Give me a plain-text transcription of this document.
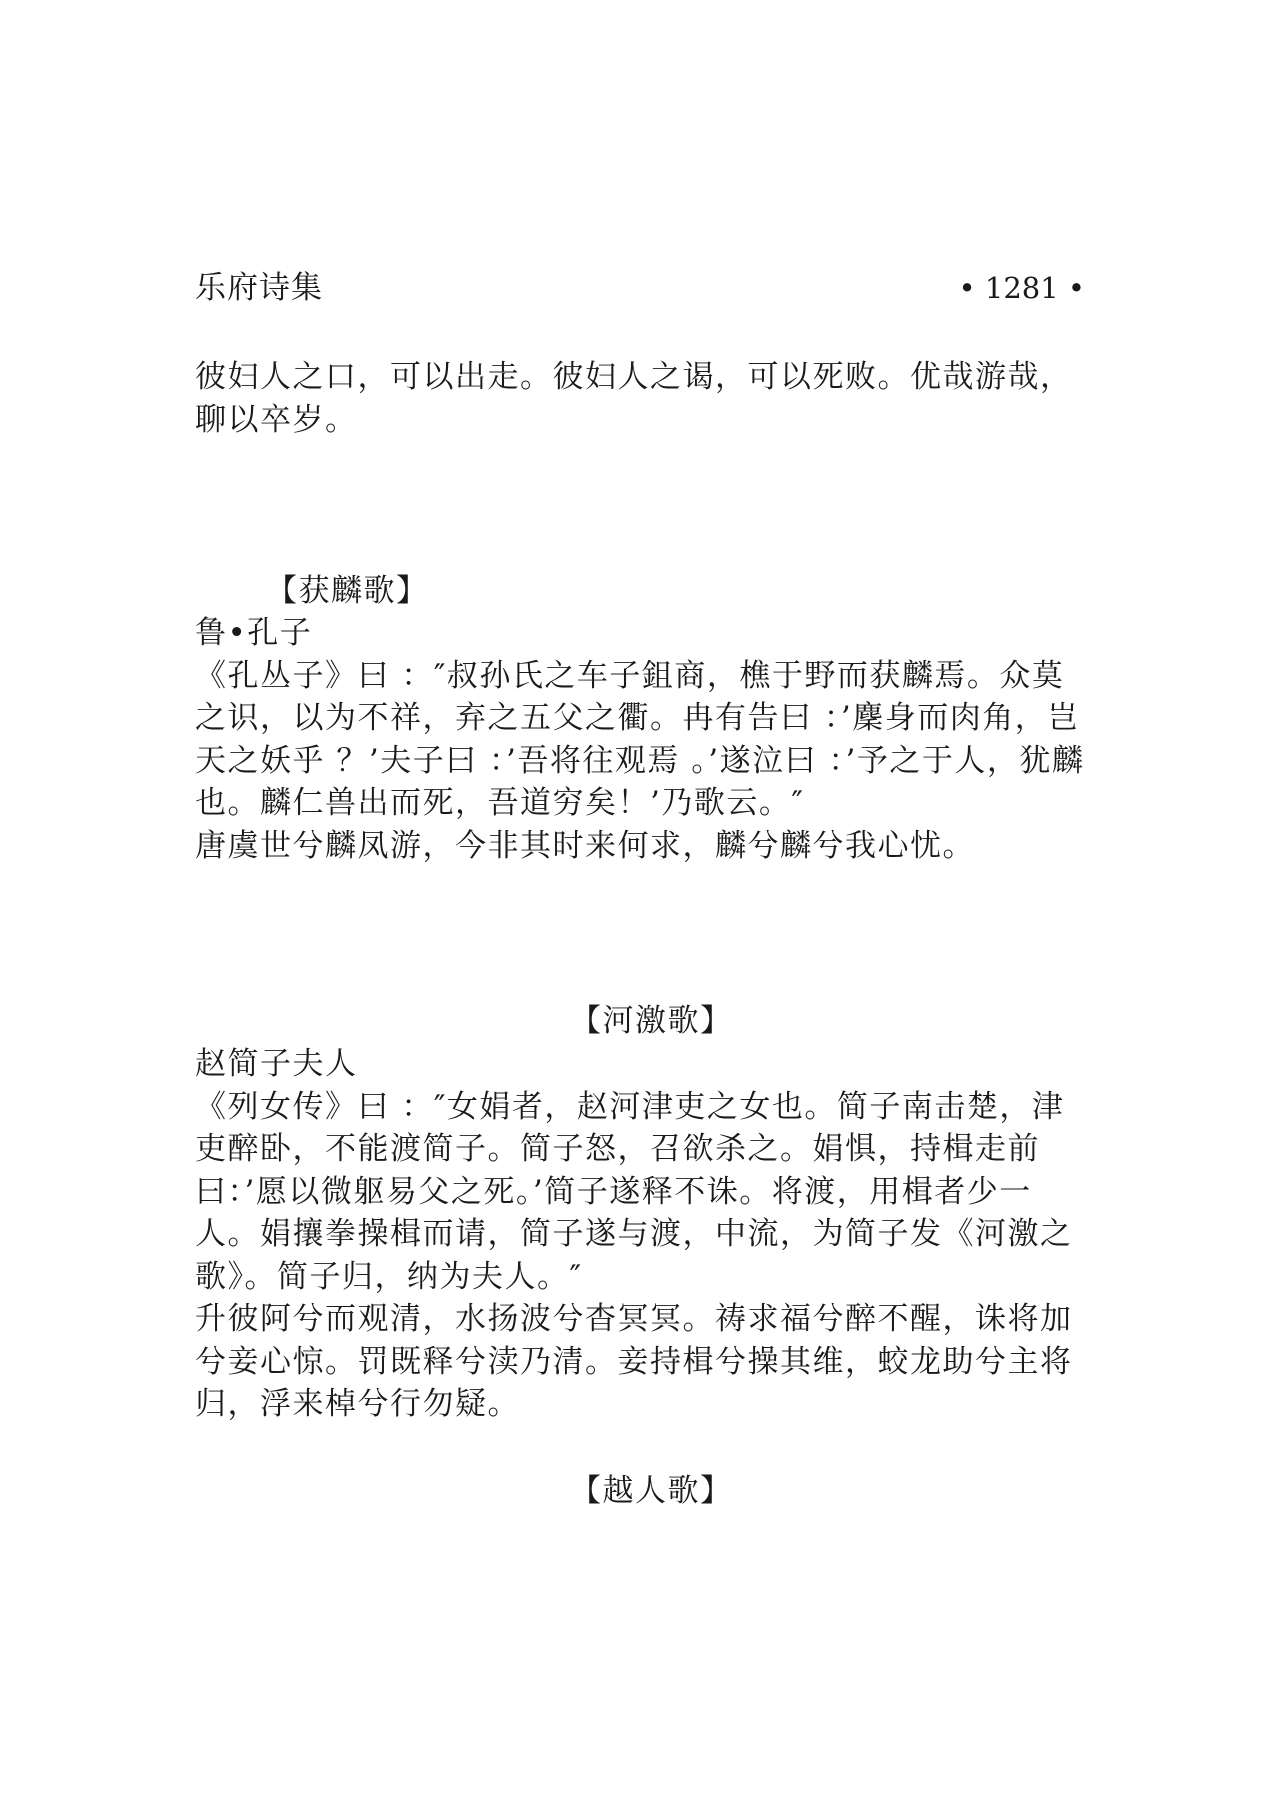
乐府诗集	• 1281 •

彼妇人之口，可以出走。彼妇人之谒，可以死败。优哉游哉，聊以卒岁。

【获麟歌】

鲁•孔子

《孔丛子》曰 ：″叔孙氏之车子鉏商，樵于野而获麟焉。众莫之识，以为不祥，弃之五父之衢。冉有告曰 ：’麇身而肉角，岂天之妖乎 ？’夫子曰 ：’吾将往观焉 。’遂泣曰 ：’予之于人，犹麟也。麟仁兽出而死，吾道穷矣！’乃歌云。″

唐虞世兮麟凤游，今非其时来何求，麟兮麟兮我心忧。

【河激歌】

赵简子夫人

《列女传》曰 ：″女娟者，赵河津吏之女也。简子南击楚，津吏醉卧，不能渡简子。简子怒，召欲杀之。娟惧，持楫走前曰：’愿以微躯易父之死。’简子遂释不诛。将渡，用楫者少一人。娟攘拳操楫而请，简子遂与渡，中流，为简子发《河激之歌》。简子归，纳为夫人。″

升彼阿兮而观清，水扬波兮杳冥冥。祷求福兮醉不醒，诛将加兮妾心惊。罚既释兮渎乃清。妾持楫兮操其维，蛟龙助兮主将归，浮来棹兮行勿疑。

【越人歌】
